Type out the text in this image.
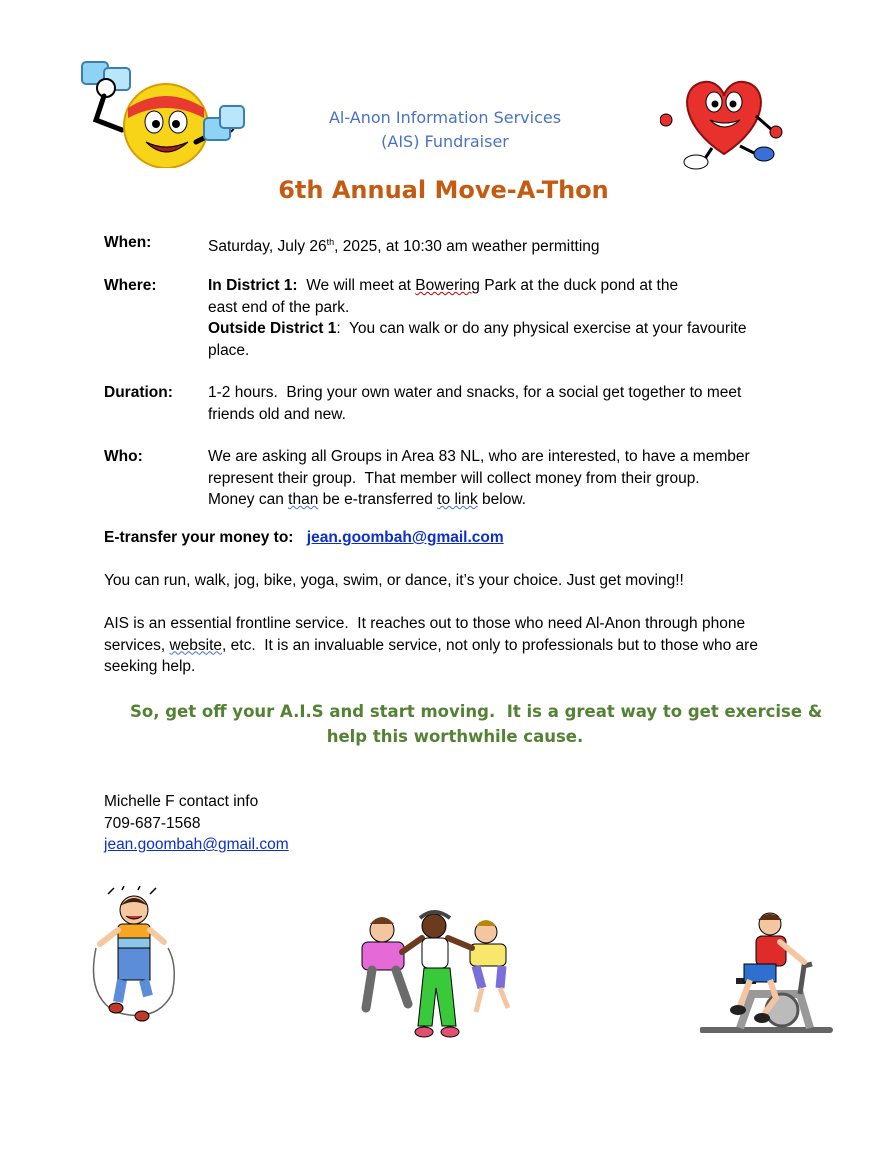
Al-Anon Information Services
(AIS) Fundraiser
6th Annual Move-A-Thon
When:	Saturday, July 26th, 2025, at 10:30 am weather permitting
Where:	In District 1:  We will meet at Bowering Park at the duck pond at the
east end of the park.
Outside District 1:  You can walk or do any physical exercise at your favourite
place.
Duration: 1-2 hours.  Bring your own water and snacks, for a social get together to meet
friends old and new.
Who:	We are asking all Groups in Area 83 NL, who are interested, to have a member
represent their group.  That member will collect money from their group.
Money can than be e-transferred to link below.
E-transfer your money to: jean.goombah@gmail.com
You can run, walk, jog, bike, yoga, swim, or dance, it’s your choice. Just get moving!!
AIS is an essential frontline service.  It reaches out to those who need Al-Anon through phone
services, website, etc.  It is an invaluable service, not only to professionals but to those who are
seeking help.
So, get off your A.I.S and start moving.  It is a great way to get exercise &
help this worthwhile cause.
Michelle F contact info
709-687-1568
jean.goombah@gmail.com
